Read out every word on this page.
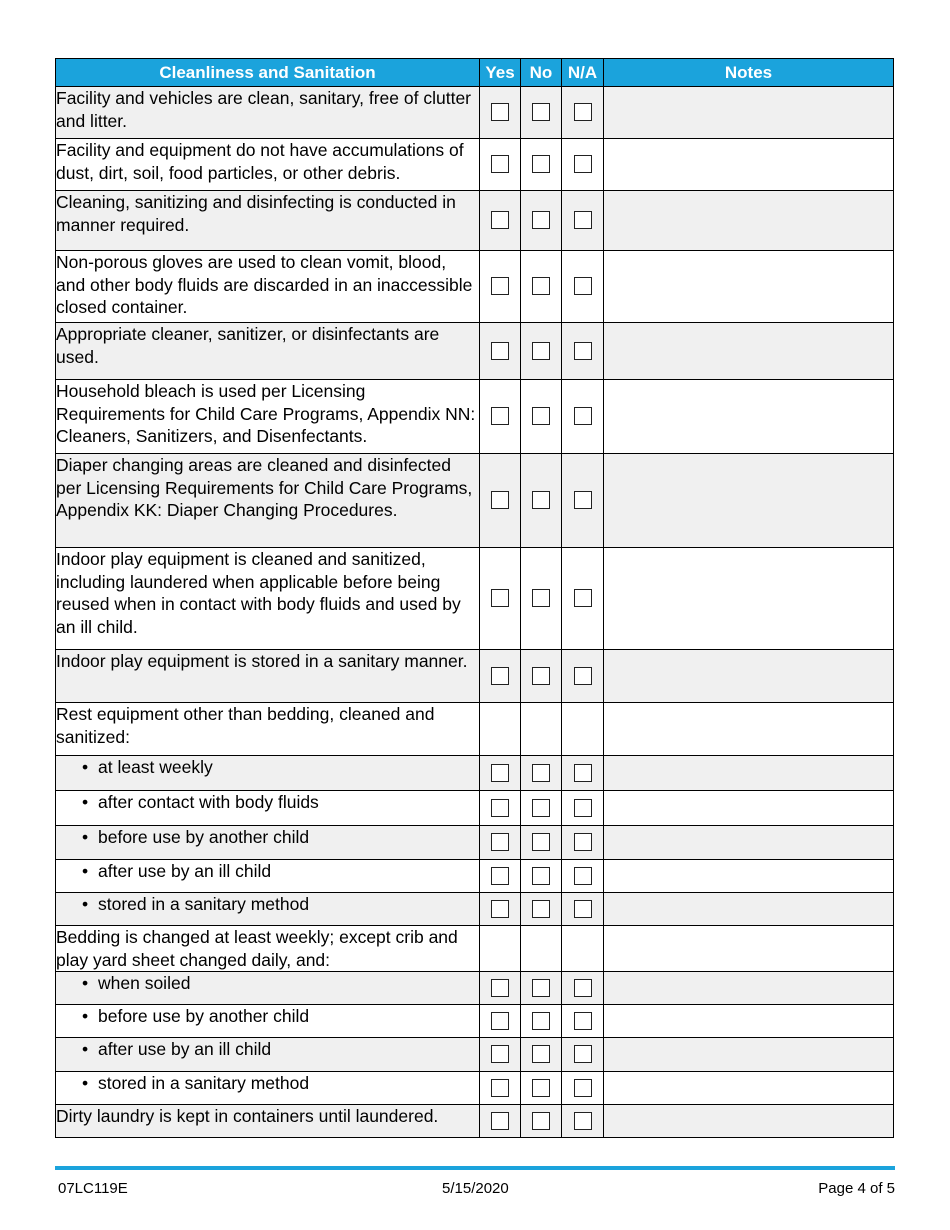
Cleanliness and Sanitation	Yes	No	N/A	Notes
Facility and vehicles are clean, sanitary, free of clutter and litter.				
Facility and equipment do not have accumulations of dust, dirt, soil, food particles, or other debris.				
Cleaning, sanitizing and disinfecting is conducted in manner required.				
Non-porous gloves are used to clean vomit, blood, and other body fluids are discarded in an inaccessible closed container.				
Appropriate cleaner, sanitizer, or disinfectants are used.				
Household bleach is used per Licensing Requirements for Child Care Programs, Appendix NN: Cleaners, Sanitizers, and Disenfectants.				
Diaper changing areas are cleaned and disinfected per Licensing Requirements for Child Care Programs, Appendix KK: Diaper Changing Procedures.				
Indoor play equipment is cleaned and sanitized, including laundered when applicable before being reused when in contact with body fluids and used by an ill child.				
Indoor play equipment is stored in a sanitary manner.				
Rest equipment other than bedding, cleaned and sanitized:				
• at least weekly				
• after contact with body fluids				
• before use by another child				
• after use by an ill child				
• stored in a sanitary method				
Bedding is changed at least weekly; except crib and play yard sheet changed daily, and:				
• when soiled				
• before use by another child				
• after use by an ill child				
• stored in a sanitary method				
Dirty laundry is kept in containers until laundered.				
07LC119E	5/15/2020	Page 4 of 5
